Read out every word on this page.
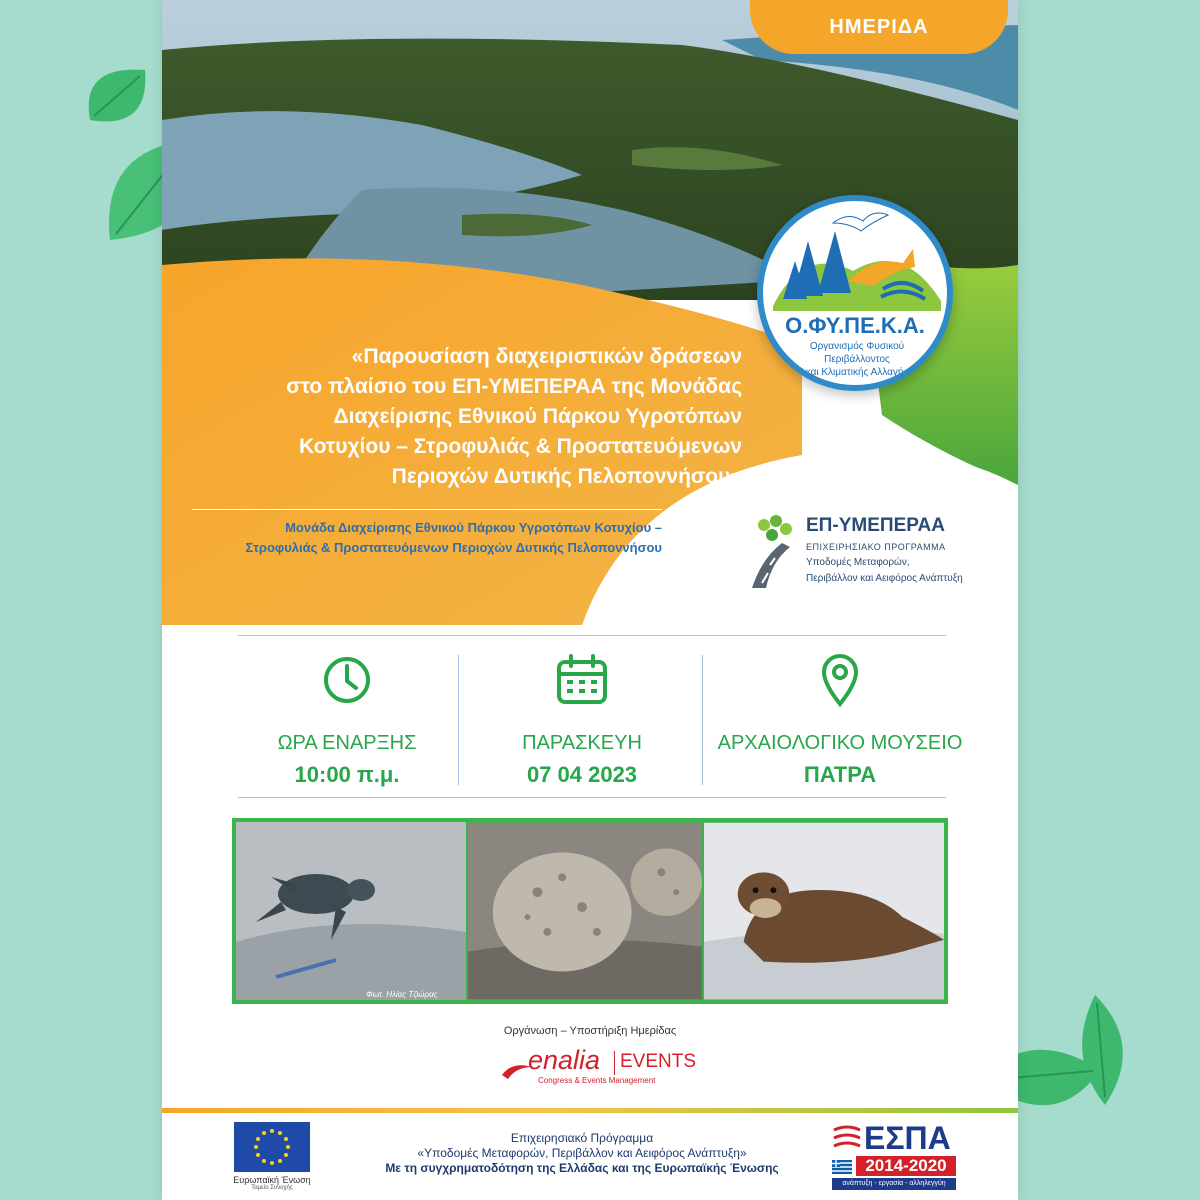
ΗΜΕΡΙΔΑ
«Παρουσίαση διαχειριστικών δράσεων
στο πλαίσιο του ΕΠ-ΥΜΕΠΕΡΑΑ της Μονάδας
Διαχείρισης Εθνικού Πάρκου Υγροτόπων
Κοτυχίου – Στροφυλιάς & Προστατευόμενων
Περιοχών Δυτικής Πελοποννήσου»
Μονάδα Διαχείρισης Εθνικού Πάρκου Υγροτόπων Κοτυχίου –
Στροφυλιάς & Προστατευόμενων Περιοχών Δυτικής Πελοποννήσου
Ο.ΦΥ.ΠΕ.Κ.Α.
Οργανισμός Φυσικού Περιβάλλοντος
και Κλιματικής Αλλαγής
ΕΠ-ΥΜΕΠΕΡΑΑ
ΕΠΙΧΕΙΡΗΣΙΑΚΟ ΠΡΟΓΡΑΜΜΑ
Υποδομές Μεταφορών,
Περιβάλλον και Αειφόρος Ανάπτυξη
ΩΡΑ ΕΝΑΡΞΗΣ
10:00 π.μ.
ΠΑΡΑΣΚΕΥΗ
07 04 2023
ΑΡΧΑΙΟΛΟΓΙΚΟ ΜΟΥΣΕΙΟ
ΠΑΤΡΑ
Φωτ. Ηλίας Τζιώρας
Οργάνωση – Υποστήριξη Ημερίδας
enalia EVENTS
Congress & Events Management
Ευρωπαϊκή Ένωση
Ταμείο Συνοχής
Επιχειρησιακό Πρόγραμμα
«Υποδομές Μεταφορών, Περιβάλλον και Αειφόρος Ανάπτυξη»
Με τη συγχρηματοδότηση της Ελλάδας και της Ευρωπαϊκής Ένωσης
ΕΣΠΑ
2014-2020
ανάπτυξη - εργασία - αλληλεγγύη
